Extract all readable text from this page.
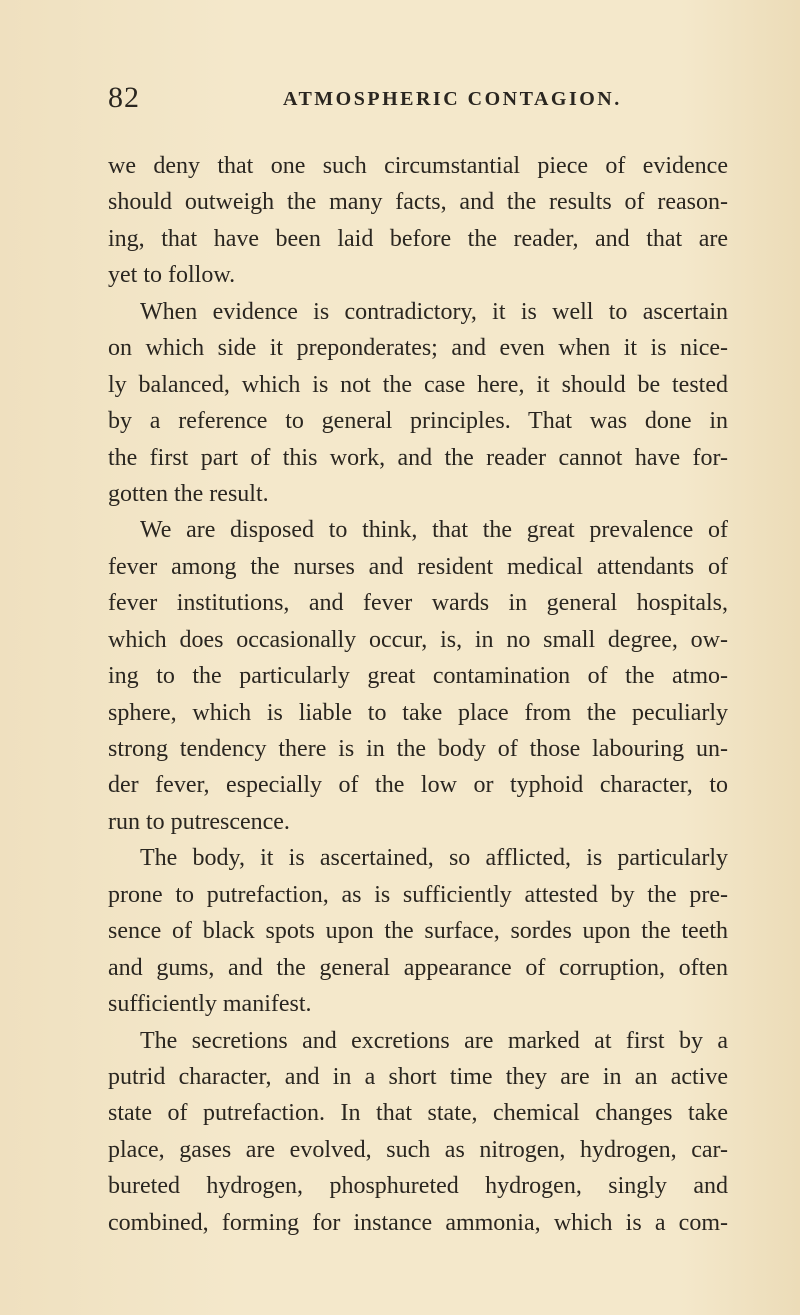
82	ATMOSPHERIC CONTAGION.
we deny that one such circumstantial piece of evidence
should outweigh the many facts, and the results of reason-
ing, that have been laid before the reader, and that are
yet to follow.
When evidence is contradictory, it is well to ascertain
on which side it preponderates; and even when it is nice-
ly balanced, which is not the case here, it should be tested
by a reference to general principles. That was done in
the first part of this work, and the reader cannot have for-
gotten the result.
We are disposed to think, that the great prevalence of
fever among the nurses and resident medical attendants of
fever institutions, and fever wards in general hospitals,
which does occasionally occur, is, in no small degree, ow-
ing to the particularly great contamination of the atmo-
sphere, which is liable to take place from the peculiarly
strong tendency there is in the body of those labouring un-
der fever, especially of the low or typhoid character, to
run to putrescence.
The body, it is ascertained, so afflicted, is particularly
prone to putrefaction, as is sufficiently attested by the pre-
sence of black spots upon the surface, sordes upon the teeth
and gums, and the general appearance of corruption, often
sufficiently manifest.
The secretions and excretions are marked at first by a
putrid character, and in a short time they are in an active
state of putrefaction. In that state, chemical changes take
place, gases are evolved, such as nitrogen, hydrogen, car-
bureted hydrogen, phosphureted hydrogen, singly and
combined, forming for instance ammonia, which is a com-
